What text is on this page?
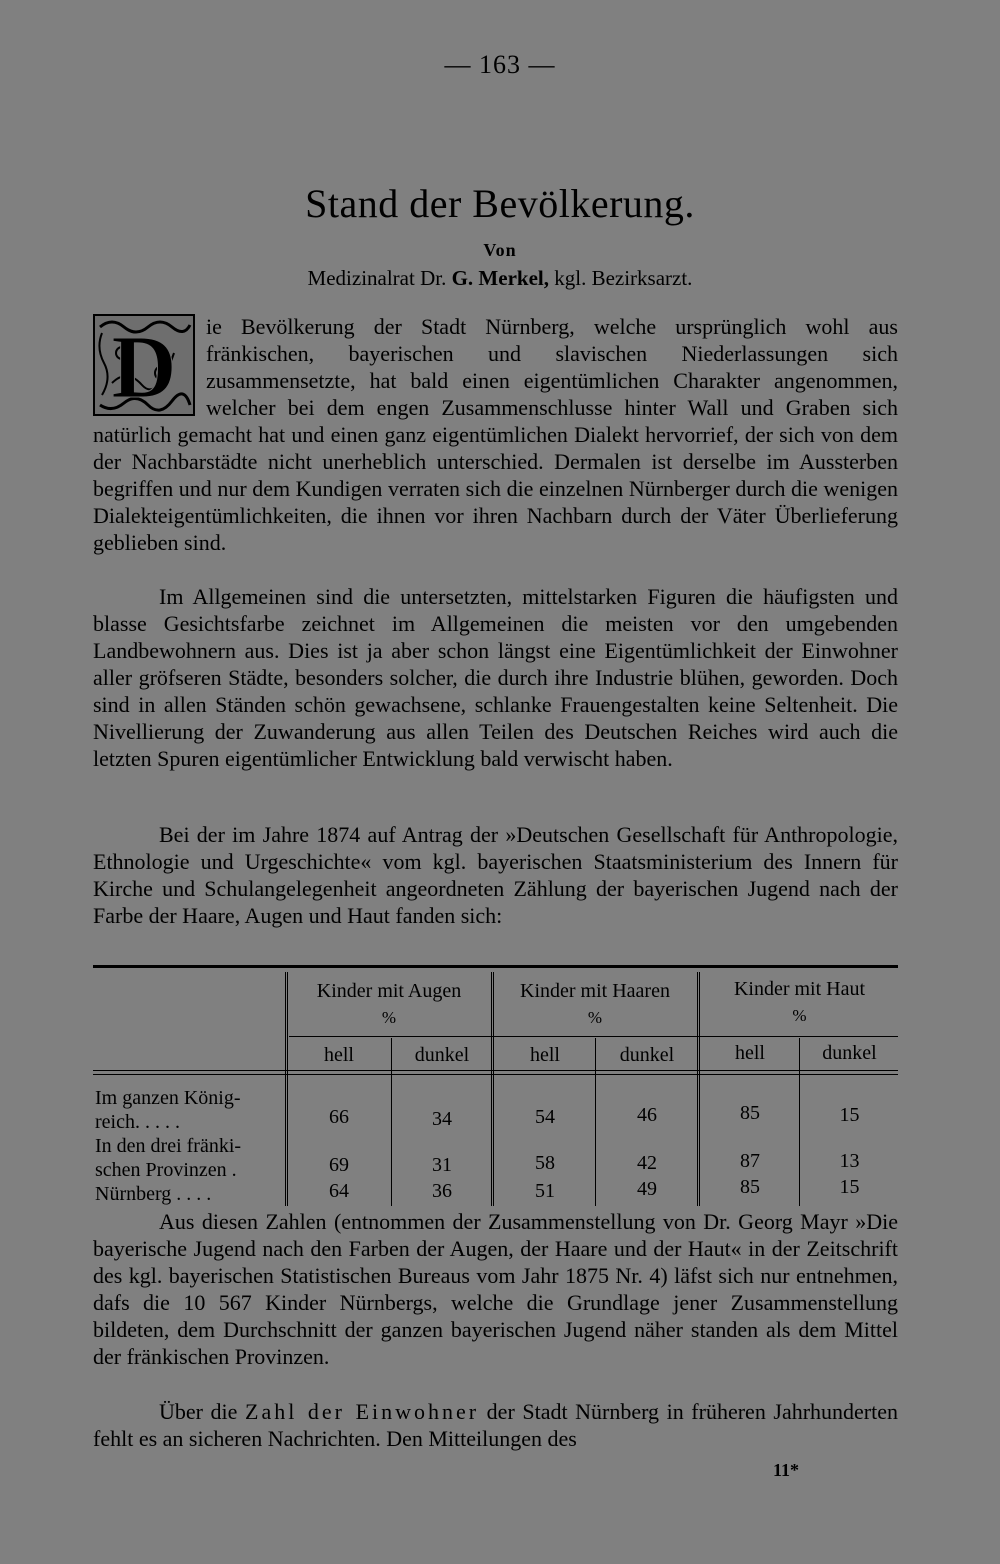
— 163 —
Stand der Bevölkerung.
Von
Medizinalrat Dr. G. Merkel, kgl. Bezirksarzt.
D ie Bevölkerung der Stadt Nürnberg, welche ursprünglich wohl aus fränkischen, bayerischen und slavischen Niederlassungen sich zusammensetzte, hat bald einen eigentümlichen Charakter angenommen, welcher bei dem engen Zusammenschlusse hinter Wall und Graben sich natürlich gemacht hat und einen ganz eigentümlichen Dialekt hervorrief, der sich von dem der Nachbarstädte nicht unerheblich unterschied. Dermalen ist derselbe im Aussterben begriffen und nur dem Kundigen verraten sich die einzelnen Nürnberger durch die wenigen Dialekteigentümlichkeiten, die ihnen vor ihren Nachbarn durch der Väter Überlieferung geblieben sind.
Im Allgemeinen sind die untersetzten, mittelstarken Figuren die häufigsten und blasse Gesichtsfarbe zeichnet im Allgemeinen die meisten vor den umgebenden Landbewohnern aus. Dies ist ja aber schon längst eine Eigentümlichkeit der Einwohner aller gröfseren Städte, besonders solcher, die durch ihre Industrie blühen, geworden. Doch sind in allen Ständen schön gewachsene, schlanke Frauengestalten keine Seltenheit. Die Nivellierung der Zuwanderung aus allen Teilen des Deutschen Reiches wird auch die letzten Spuren eigentümlicher Entwicklung bald verwischt haben.
Bei der im Jahre 1874 auf Antrag der »Deutschen Gesellschaft für Anthropologie, Ethnologie und Urgeschichte« vom kgl. bayerischen Staatsministerium des Innern für Kirche und Schulangelegenheit angeordneten Zählung der bayerischen Jugend nach der Farbe der Haare, Augen und Haut fanden sich:
Kinder mit Augen	Kinder mit Haaren	Kinder mit Haut
%	%	%
hell	dunkel	hell	dunkel	hell	dunkel
Im ganzen König- reich. . . . .	66	34	54	46	85	15
In den drei fränki- schen Provinzen .	69	31	58	42	87	13
Nürnberg . . . .	64	36	51	49	85	15
Aus diesen Zahlen (entnommen der Zusammenstellung von Dr. Georg Mayr »Die bayerische Jugend nach den Farben der Augen, der Haare und der Haut« in der Zeitschrift des kgl. bayerischen Statistischen Bureaus vom Jahr 1875 Nr. 4) läfst sich nur entnehmen, dafs die 10 567 Kinder Nürnbergs, welche die Grundlage jener Zusammenstellung bildeten, dem Durchschnitt der ganzen bayerischen Jugend näher standen als dem Mittel der fränkischen Provinzen.
Über die Zahl der Einwohner der Stadt Nürnberg in früheren Jahrhunderten fehlt es an sicheren Nachrichten. Den Mitteilungen des
11*
